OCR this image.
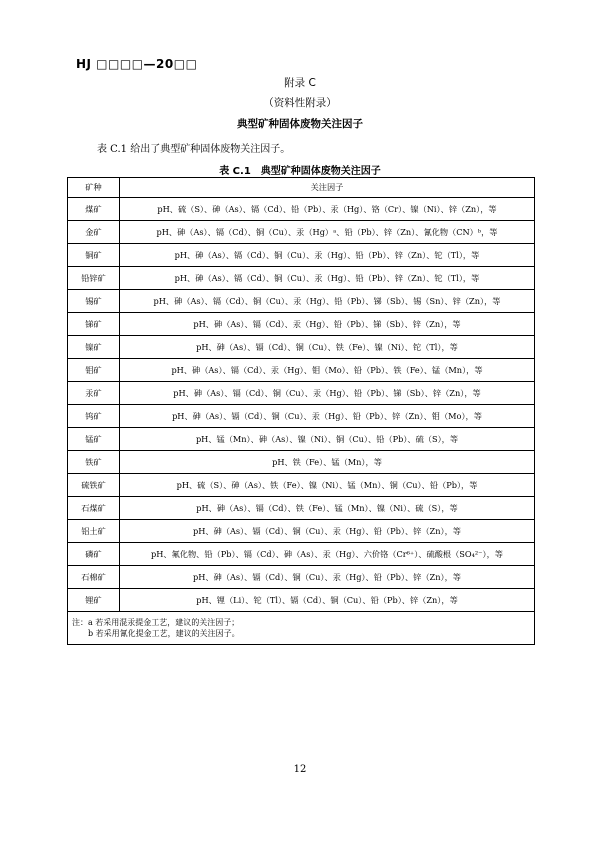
HJ □□□□—20□□
附录 C
（资料性附录）
典型矿种固体废物关注因子
表 C.1 给出了典型矿种固体废物关注因子。
表 C.1　典型矿种固体废物关注因子
矿种	关注因子
煤矿	pH、硫（S）、砷（As）、镉（Cd）、铅（Pb）、汞（Hg）、铬（Cr）、镍（Ni）、锌（Zn），等
金矿	pH、砷（As）、镉（Cd）、铜（Cu）、汞（Hg）ᵃ、铅（Pb）、锌（Zn）、氰化物（CN）ᵇ，等
铜矿	pH、砷（As）、镉（Cd）、铜（Cu）、汞（Hg）、铅（Pb）、锌（Zn）、铊（Tl），等
铅锌矿	pH、砷（As）、镉（Cd）、铜（Cu）、汞（Hg）、铅（Pb）、锌（Zn）、铊（Tl），等
锡矿	pH、砷（As）、镉（Cd）、铜（Cu）、汞（Hg）、铅（Pb）、锑（Sb）、锡（Sn）、锌（Zn），等
锑矿	pH、砷（As）、镉（Cd）、汞（Hg）、铅（Pb）、锑（Sb）、锌（Zn），等
镍矿	pH、砷（As）、镉（Cd）、铜（Cu）、铁（Fe）、镍（Ni）、铊（Tl），等
钼矿	pH、砷（As）、镉（Cd）、汞（Hg）、钼（Mo）、铅（Pb）、铁（Fe）、锰（Mn），等
汞矿	pH、砷（As）、镉（Cd）、铜（Cu）、汞（Hg）、铅（Pb）、锑（Sb）、锌（Zn），等
钨矿	pH、砷（As）、镉（Cd）、铜（Cu）、汞（Hg）、铅（Pb）、锌（Zn）、钼（Mo），等
锰矿	pH、锰（Mn）、砷（As）、镍（Ni）、铜（Cu）、铅（Pb）、硫（S），等
铁矿	pH、铁（Fe）、锰（Mn），等
硫铁矿	pH、硫（S）、砷（As）、铁（Fe）、镍（Ni）、锰（Mn）、铜（Cu）、铅（Pb），等
石煤矿	pH、砷（As）、镉（Cd）、铁（Fe）、锰（Mn）、镍（Ni）、硫（S），等
铝土矿	pH、砷（As）、镉（Cd）、铜（Cu）、汞（Hg）、铅（Pb）、锌（Zn），等
磷矿	pH、氟化物、铅（Pb）、镉（Cd）、砷（As）、汞（Hg）、六价铬（Cr⁶⁺）、硫酸根（SO₄²⁻），等
石棉矿	pH、砷（As）、镉（Cd）、铜（Cu）、汞（Hg）、铅（Pb）、锌（Zn），等
锂矿	pH、锂（Li）、铊（Tl）、镉（Cd）、铜（Cu）、铅（Pb）、锌（Zn），等

注：a 若采用混汞提金工艺，建议的关注因子；
　　b 若采用氰化提金工艺，建议的关注因子。	
12
